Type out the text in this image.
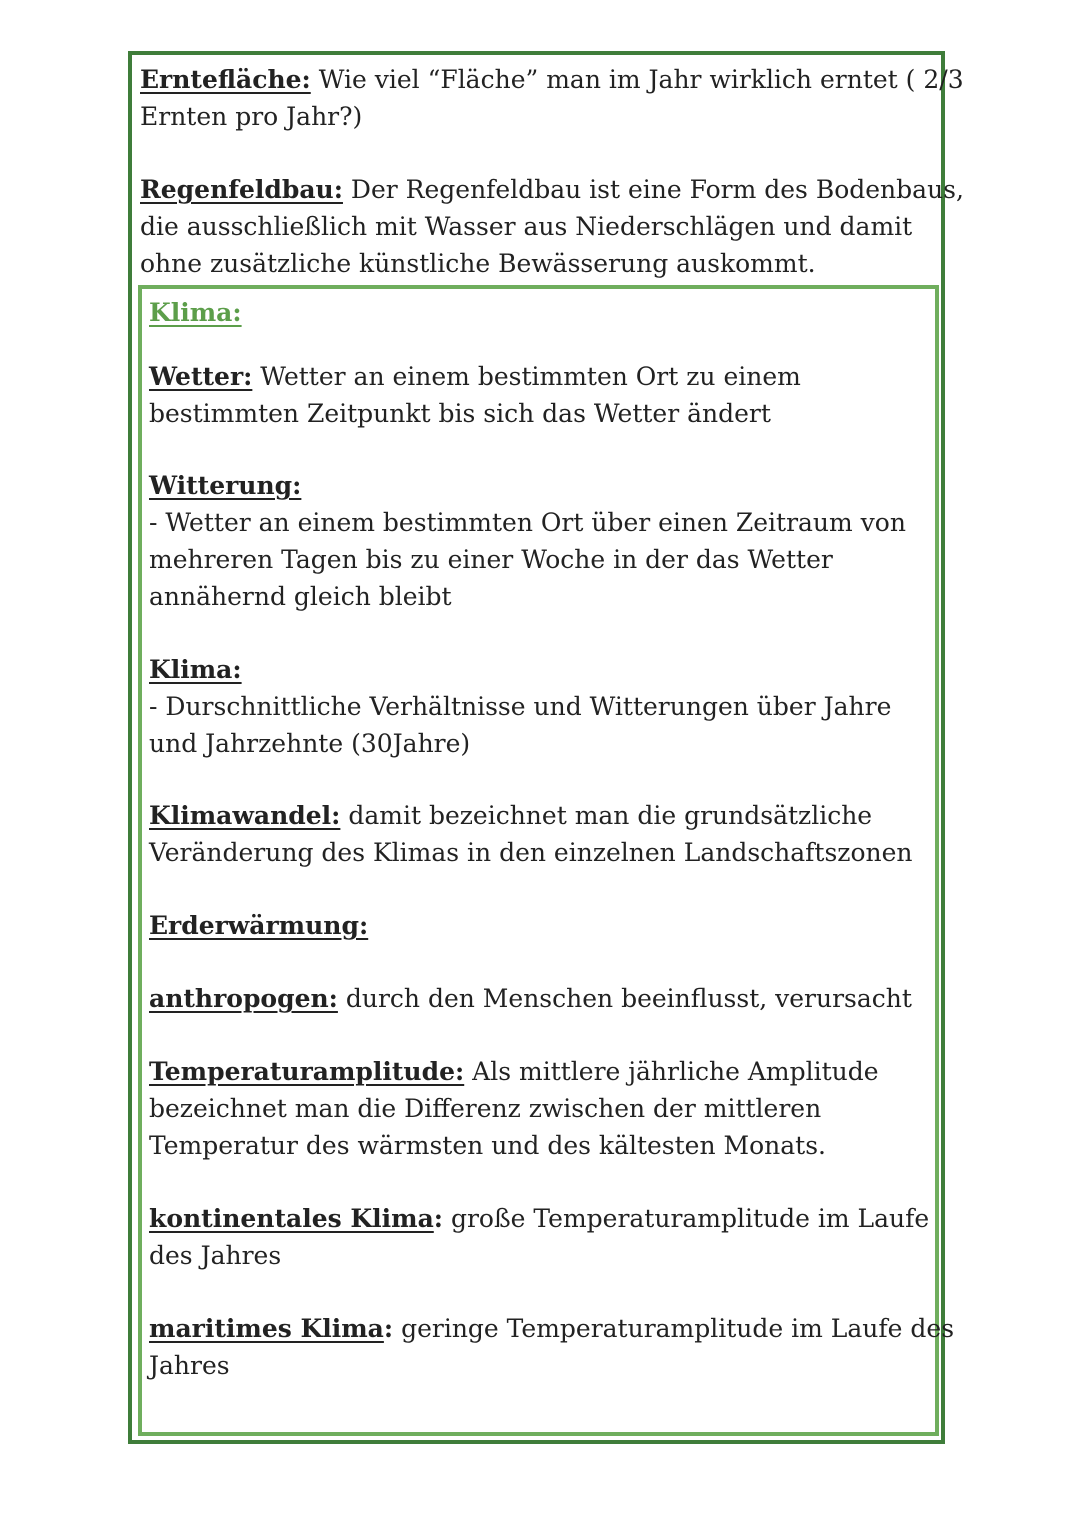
Erntefläche: Wie viel “Fläche” man im Jahr wirklich erntet ( 2/3
Ernten pro Jahr?)
Regenfeldbau: Der Regenfeldbau ist eine Form des Bodenbaus,
die ausschließlich mit Wasser aus Niederschlägen und damit
ohne zusätzliche künstliche Bewässerung auskommt.
Klima:
Wetter: Wetter an einem bestimmten Ort zu einem
bestimmten Zeitpunkt bis sich das Wetter ändert
Witterung:
- Wetter an einem bestimmten Ort über einen Zeitraum von
mehreren Tagen bis zu einer Woche in der das Wetter
annähernd gleich bleibt
Klima:
- Durschnittliche Verhältnisse und Witterungen über Jahre
und Jahrzehnte (30Jahre)
Klimawandel: damit bezeichnet man die grundsätzliche
Veränderung des Klimas in den einzelnen Landschaftszonen
Erderwärmung:
anthropogen: durch den Menschen beeinflusst, verursacht
Temperaturamplitude: Als mittlere jährliche Amplitude
bezeichnet man die Differenz zwischen der mittleren
Temperatur des wärmsten und des kältesten Monats.
kontinentales Klima: große Temperaturamplitude im Laufe
des Jahres
maritimes Klima: geringe Temperaturamplitude im Laufe des
Jahres
